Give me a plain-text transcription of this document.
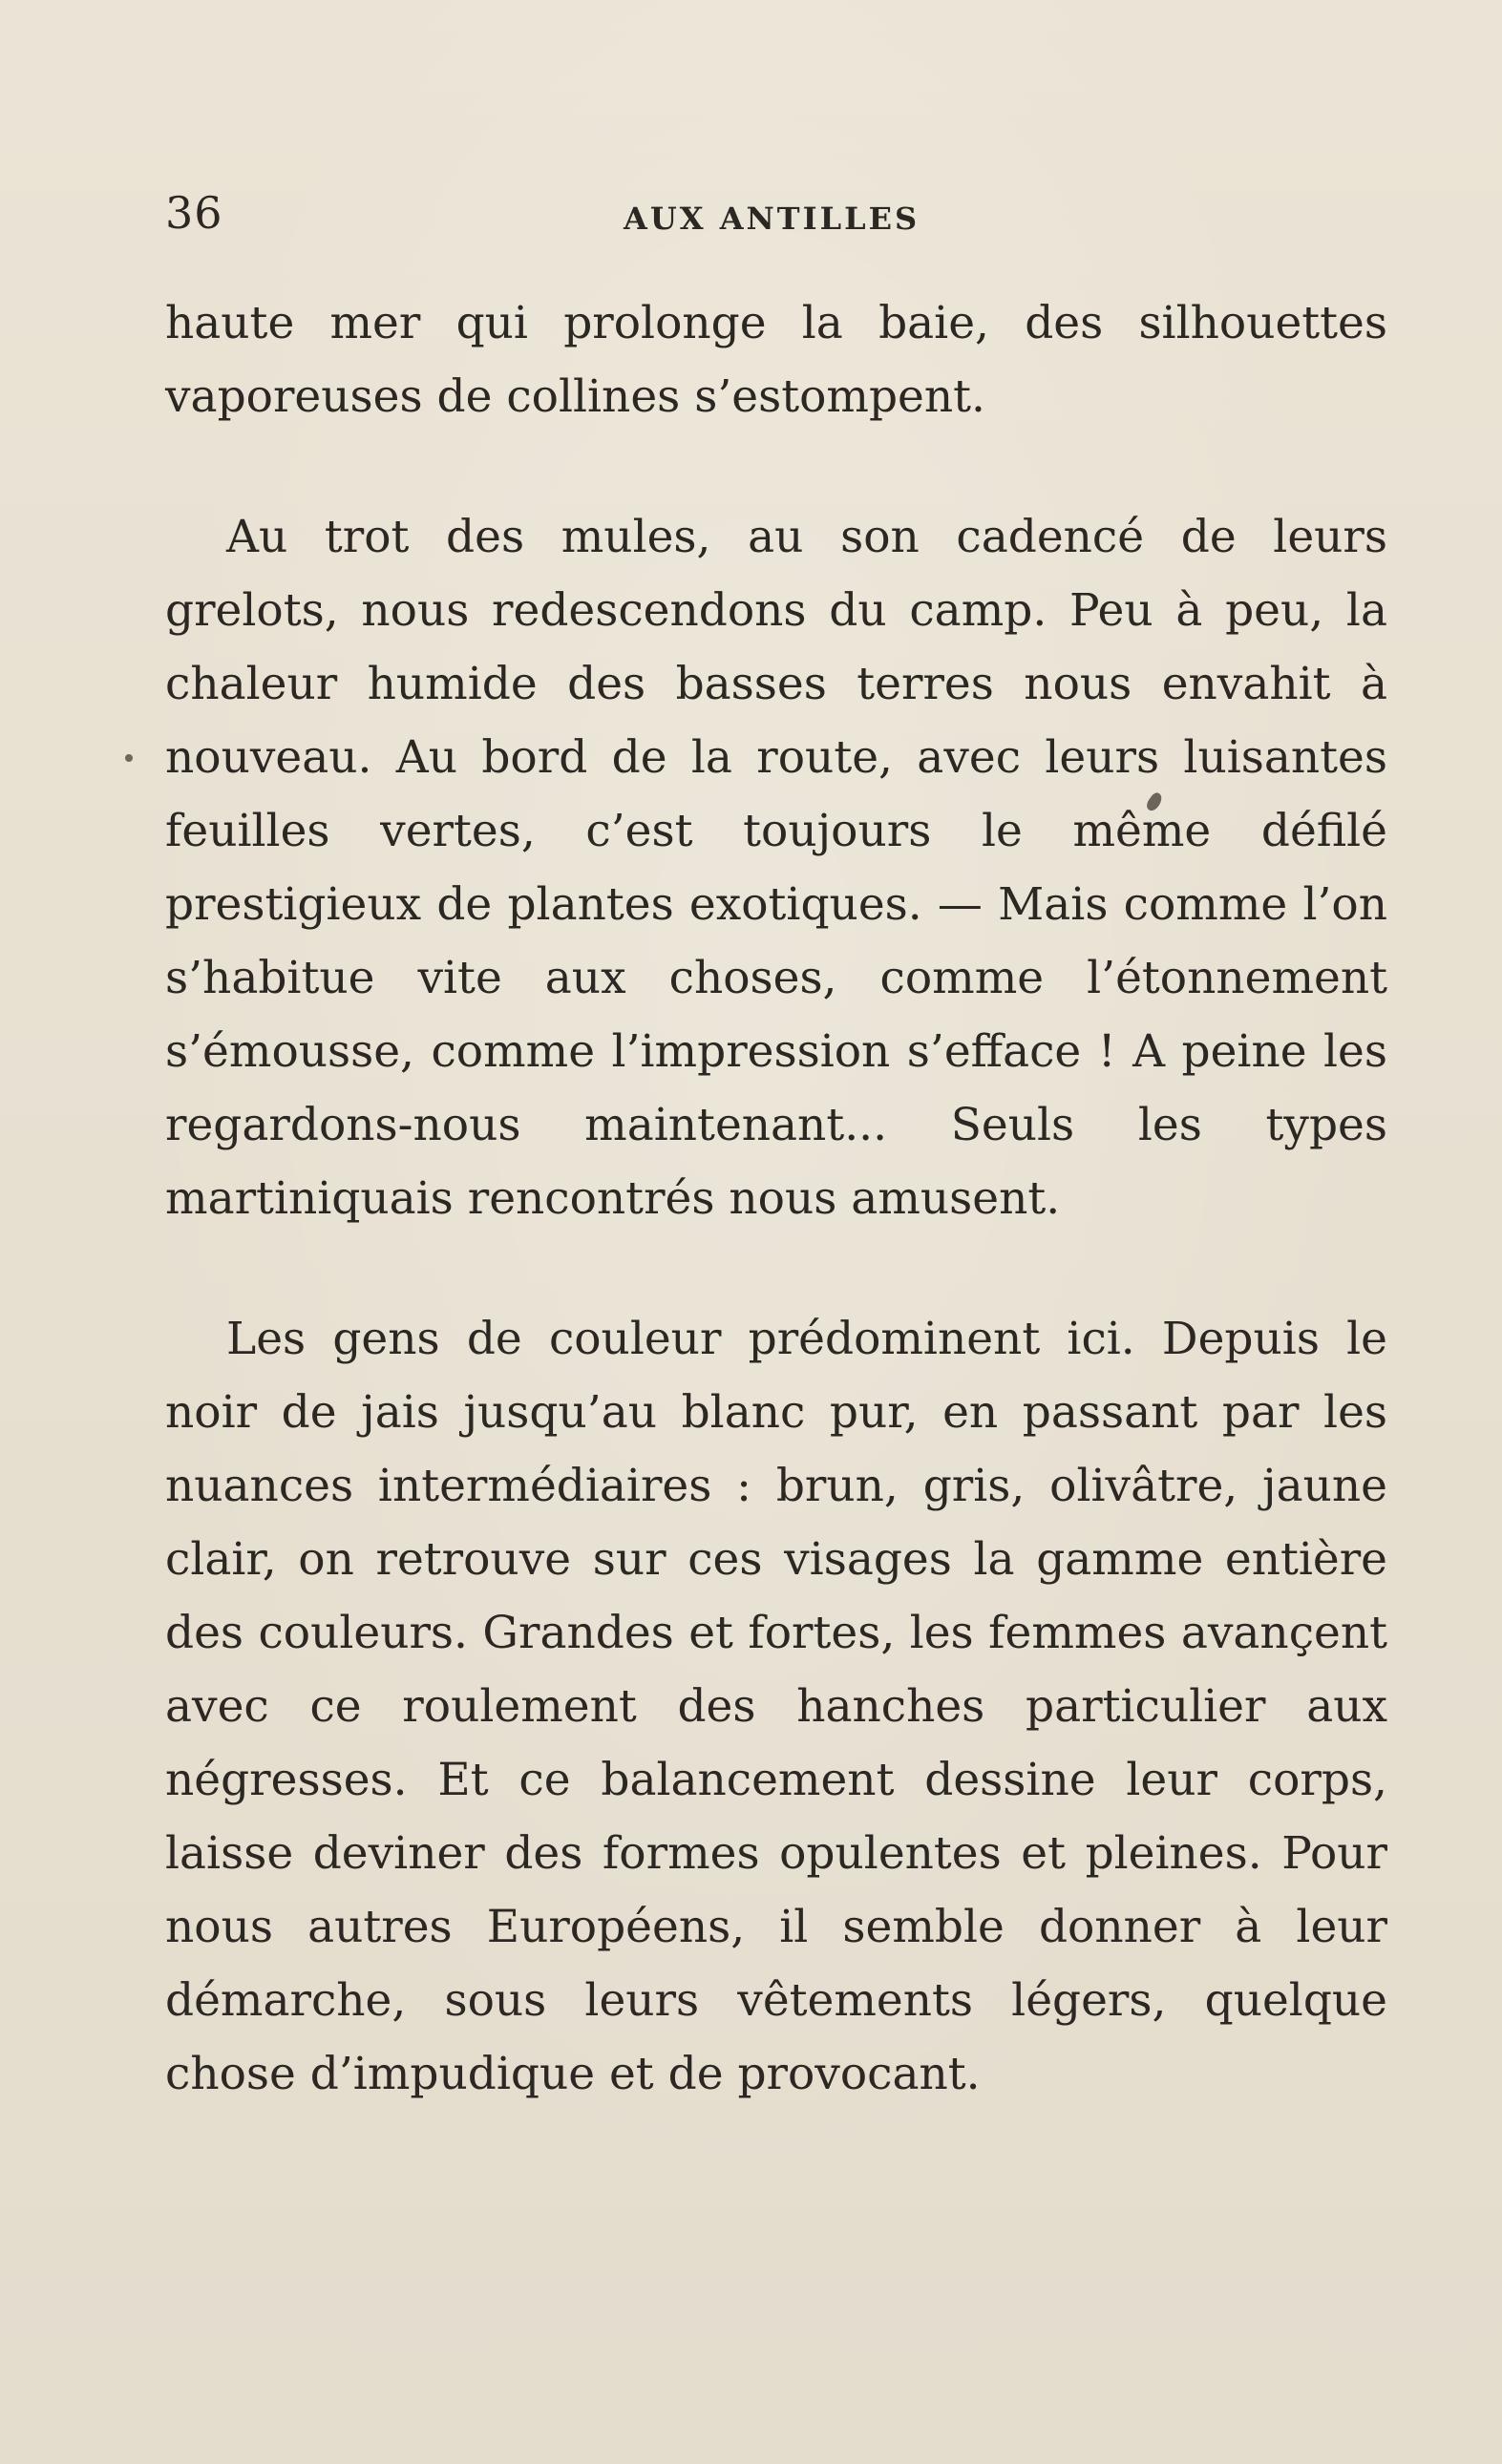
36	AUX ANTILLES

haute mer qui prolonge la baie, des silhouettes vaporeuses de collines s’estompent.

Au trot des mules, au son cadencé de leurs grelots, nous redescendons du camp. Peu à peu, la chaleur humide des basses terres nous envahit à nouveau. Au bord de la route, avec leurs luisantes feuilles vertes, c’est toujours le même défilé prestigieux de plantes exotiques. — Mais comme l’on s’habitue vite aux choses, comme l’étonnement s’émousse, comme l’impression s’efface ! A peine les regardons-nous maintenant... Seuls les types martiniquais rencontrés nous amusent.

Les gens de couleur prédominent ici. Depuis le noir de jais jusqu’au blanc pur, en passant par les nuances intermédiaires : brun, gris, olivâtre, jaune clair, on retrouve sur ces visages la gamme entière des couleurs. Grandes et fortes, les femmes avançent avec ce roulement des hanches particulier aux négresses. Et ce balancement dessine leur corps, laisse deviner des formes opulentes et pleines. Pour nous autres Européens, il semble donner à leur démarche, sous leurs vêtements légers, quelque chose d’impudique et de provocant.
